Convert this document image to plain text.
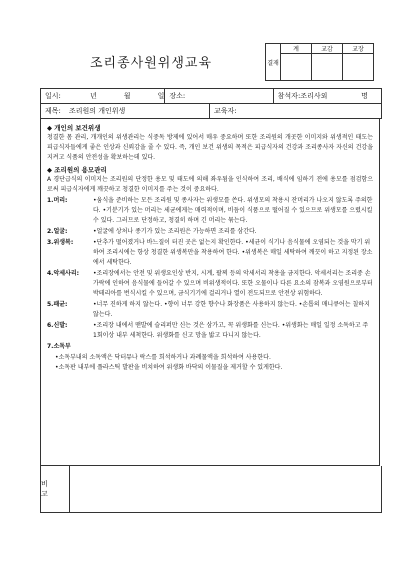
조리종사원위생교육	결재	계	교감	교장

일시:	년	월	일 장소:	참석자:조리사외	명
제목:	조리원의 개인위생	교육자:
◆ 개인의 보건위생
청결한 몸 관리, 개개인의 위생관리는 식중독 방제에 있어서 매우 중요하며 또한 조리원의 개곳한 이미지와 위생적인 태도는 피급식자들에게 좋은 인상과 신뢰감을 줄 수 있다. 즉, 개인 보건 위생의 목적은 피급식자의 건강과 조리종사자 자신의 건강을 지켜고 식품의 안전성을 확보하는데 있다.
◆ 조리원의 용모관리
A 경단급식의 이미지는 조리원의 단정한 용모 및 태도에 의해 좌우됨을 인식하여 조리, 배식에 임하기 전에 용모를 점검함으로써 피급식자에게 깨끗하고 청결한 이미지를 주는 것이 중요하다.
1.머리:	•움식을 준비하는 모든 조리원 및 종사자는 위생모를 쓴다. 위생모의 착용시 잔머리가 나오지 않도록 주의한다. •기분기가 있는 머리는 세균에게는 매력적이며, 비듬이 식품으로 떨어질 수 있으므로 위생모를 으렸시킬 수 있다. 그러므로 단정하고, 청결히 하며 긴 머리는 묶는다.
2.얼굴:	•얼굴에 상처나 종기가 있는 조리원은 가능하면 조리를 삼간다.
3.위생복:	•단추가 떨어졌거나 바느질이 터진 곳은 없는지 확인한다. •세균이 식기나 음식물에 오염되는 것을 막기 위하여 조리시에는 항상 청결한 위생복만을 착용하여 한다. •위생복은 매일 세탁하여 깨끗이 하고 지정된 장소에서 세탁한다.
4.악세사리:	•조리장에서는 안전 및 위생요인상 반지, 시계, 팔찌 등의 악세서리 착용을 금지한다. 악세서리는 조리중 손가락에 인하여 음식물에 들어갈 수 있으며 비위생적이다. 또한 오물이나 다른 요소의 잠복과 오염원으로부터 박테리아를 번식시킬 수 있으며, 금식기기에 걸리거나 열이 전도되므로 안전상 위험하다.
5.패균:	•너무 진하게 하지 않는다. •향이 너무 강한 향수나 화장품은 사용하지 않는다. •손톱의 매니큐어는 칠하지 않는다.
6.신발:	•조리장 내에서 맨발에 슬리퍼만 신는 것은 삼가고, 꼭 위생화를 신는다. •위생화는 매일 일정 소독하고 주 1회이상 내부 세척한다. 위생화를 신고 망을 밟고 다니지 않는다.
7.소독부
•소독부내의 소독액은 닥터뮤나 락스를 희석하거나 과례물액을 희석하여 사용한다.
•소독판 내부에 플라스틱 발판을 비치하여 위생화 바닥의 이물질을 제거할 수 있게한다.
비 고
